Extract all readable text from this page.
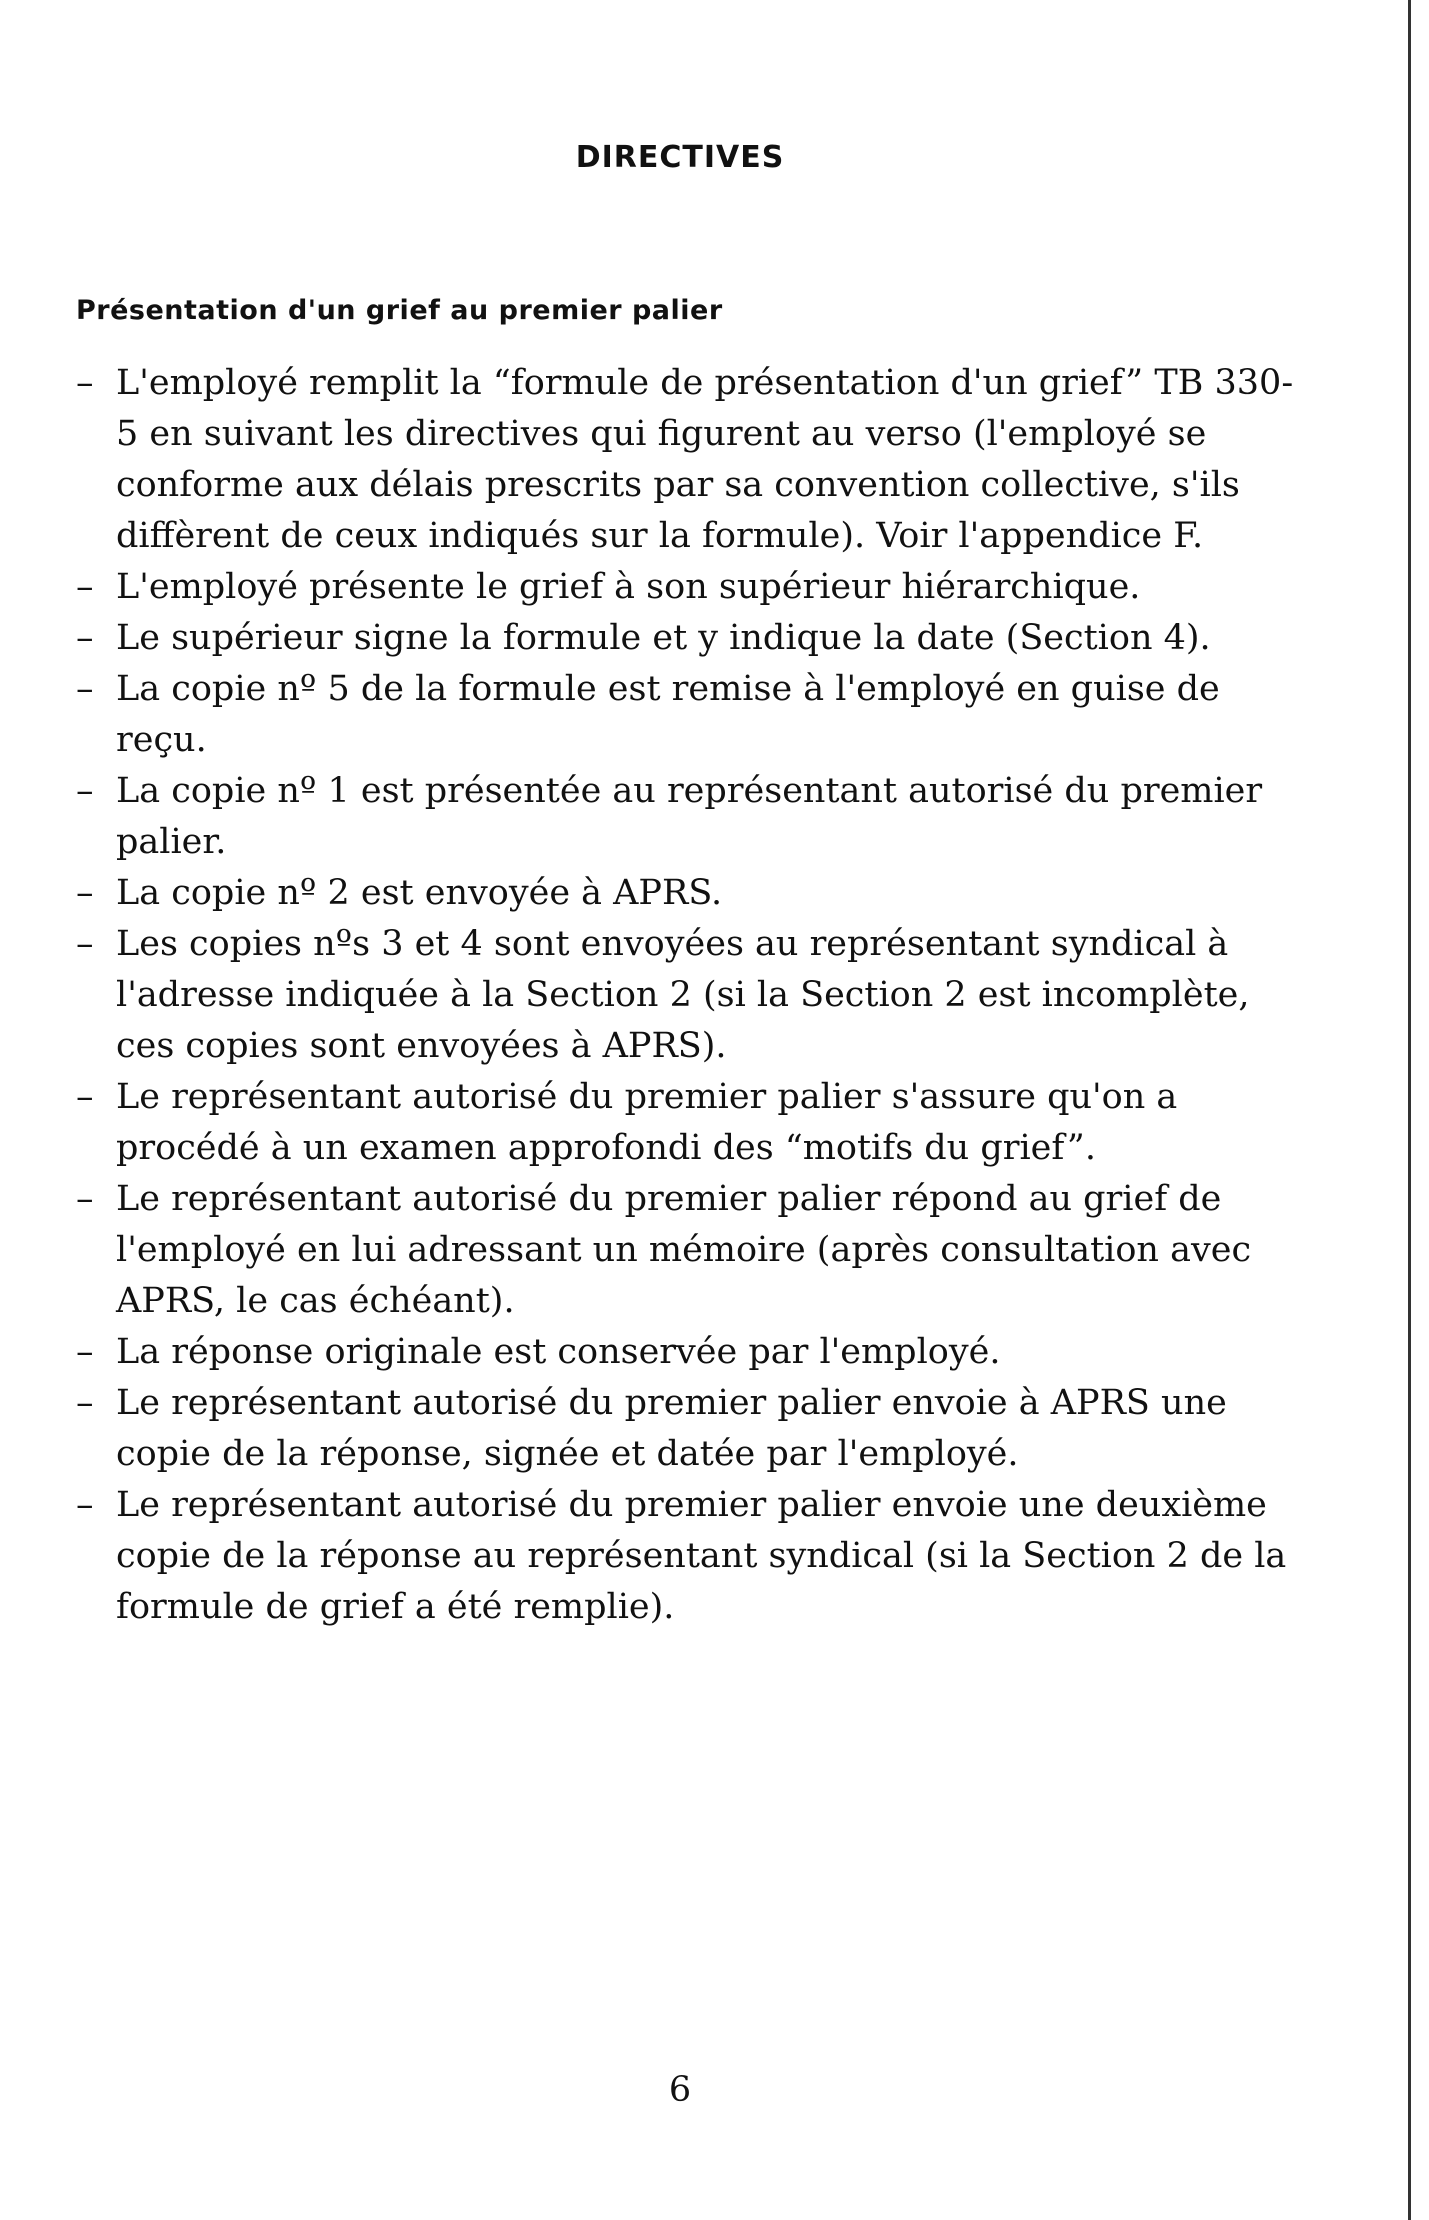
DIRECTIVES
Présentation d'un grief au premier palier
– L'employé remplit la “formule de présentation d'un grief” TB 330-5 en suivant les directives qui figurent au verso (l'employé se conforme aux délais prescrits par sa convention collective, s'ils diffèrent de ceux indiqués sur la formule). Voir l'appendice F.
– L'employé présente le grief à son supérieur hiérarchique.
– Le supérieur signe la formule et y indique la date (Section 4).
– La copie nº 5 de la formule est remise à l'employé en guise de reçu.
– La copie nº 1 est présentée au représentant autorisé du premier palier.
– La copie nº 2 est envoyée à APRS.
– Les copies nºs 3 et 4 sont envoyées au représentant syndical à l'adresse indiquée à la Section 2 (si la Section 2 est incomplète, ces copies sont envoyées à APRS).
– Le représentant autorisé du premier palier s'assure qu'on a procédé à un examen approfondi des “motifs du grief”.
– Le représentant autorisé du premier palier répond au grief de l'employé en lui adressant un mémoire (après consultation avec APRS, le cas échéant).
– La réponse originale est conservée par l'employé.
– Le représentant autorisé du premier palier envoie à APRS une copie de la réponse, signée et datée par l'employé.
– Le représentant autorisé du premier palier envoie une deuxième copie de la réponse au représentant syndical (si la Section 2 de la formule de grief a été remplie).
6
